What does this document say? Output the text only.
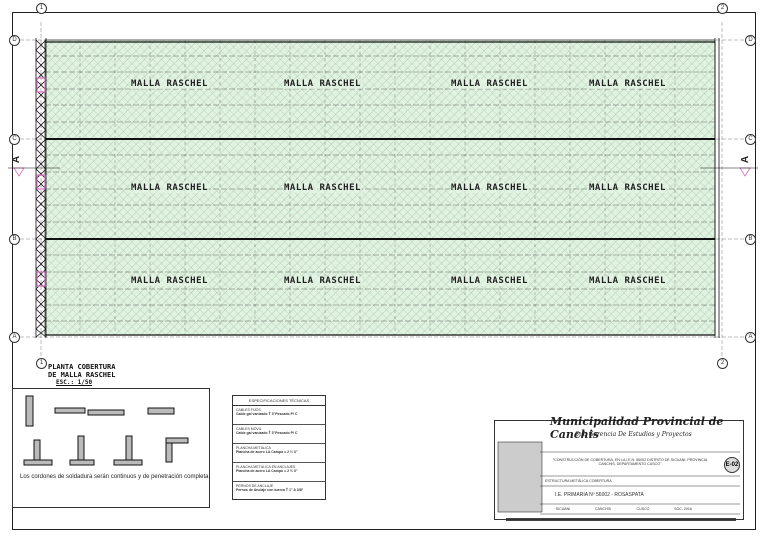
1	2
1	2
D
C
B
A
D
C
B
A
A	A
MALLA RASCHEL	MALLA RASCHEL	MALLA RASCHEL	MALLA RASCHEL
MALLA RASCHEL	MALLA RASCHEL	MALLA RASCHEL	MALLA RASCHEL
MALLA RASCHEL	MALLA RASCHEL	MALLA RASCHEL	MALLA RASCHEL
PLANTA COBERTURA
DE MALLA RASCHEL
ESC.: 1/50
Los cordones de soldadura serán continuos y de penetración completa
ESPECIFICACIONES TÉCNICAS
CABLES FIJOS
Cable gal vanizado Ť 3"Pescado P/ C
CABLES MÓVIL
Cable gal vanizado Ť 3"Pescado P/ C
PLANCHA METÁLICA
Plancha de acero LA Campo = 2 ½ 3"
PLANCHA METÁLICA EN ANCLAJES
Plancha de acero LA Campo = 2 ½ 3"
PERNOS DE ANCLAJE
Pernos de Anclaje con tuerca Ť 1" A 3/8"
Municipalidad Provincial de Canchis
Sub Gerencia De Estudios y Proyectos
"CONSTRUCCIÓN DE COBERTURA, EN LA I.E.N. 56002 DISTRITO DE SICUANI, PROVINCIA CANCHIS, DEPARTAMENTO CUSCO"
ESTRUCTURA METÁLICA COBERTURA
I.E. PRIMARIA Nº 56002 - ROSASPATA
SICUANI	CANCHIS	CUSCO	SOC. 2016
E-02
